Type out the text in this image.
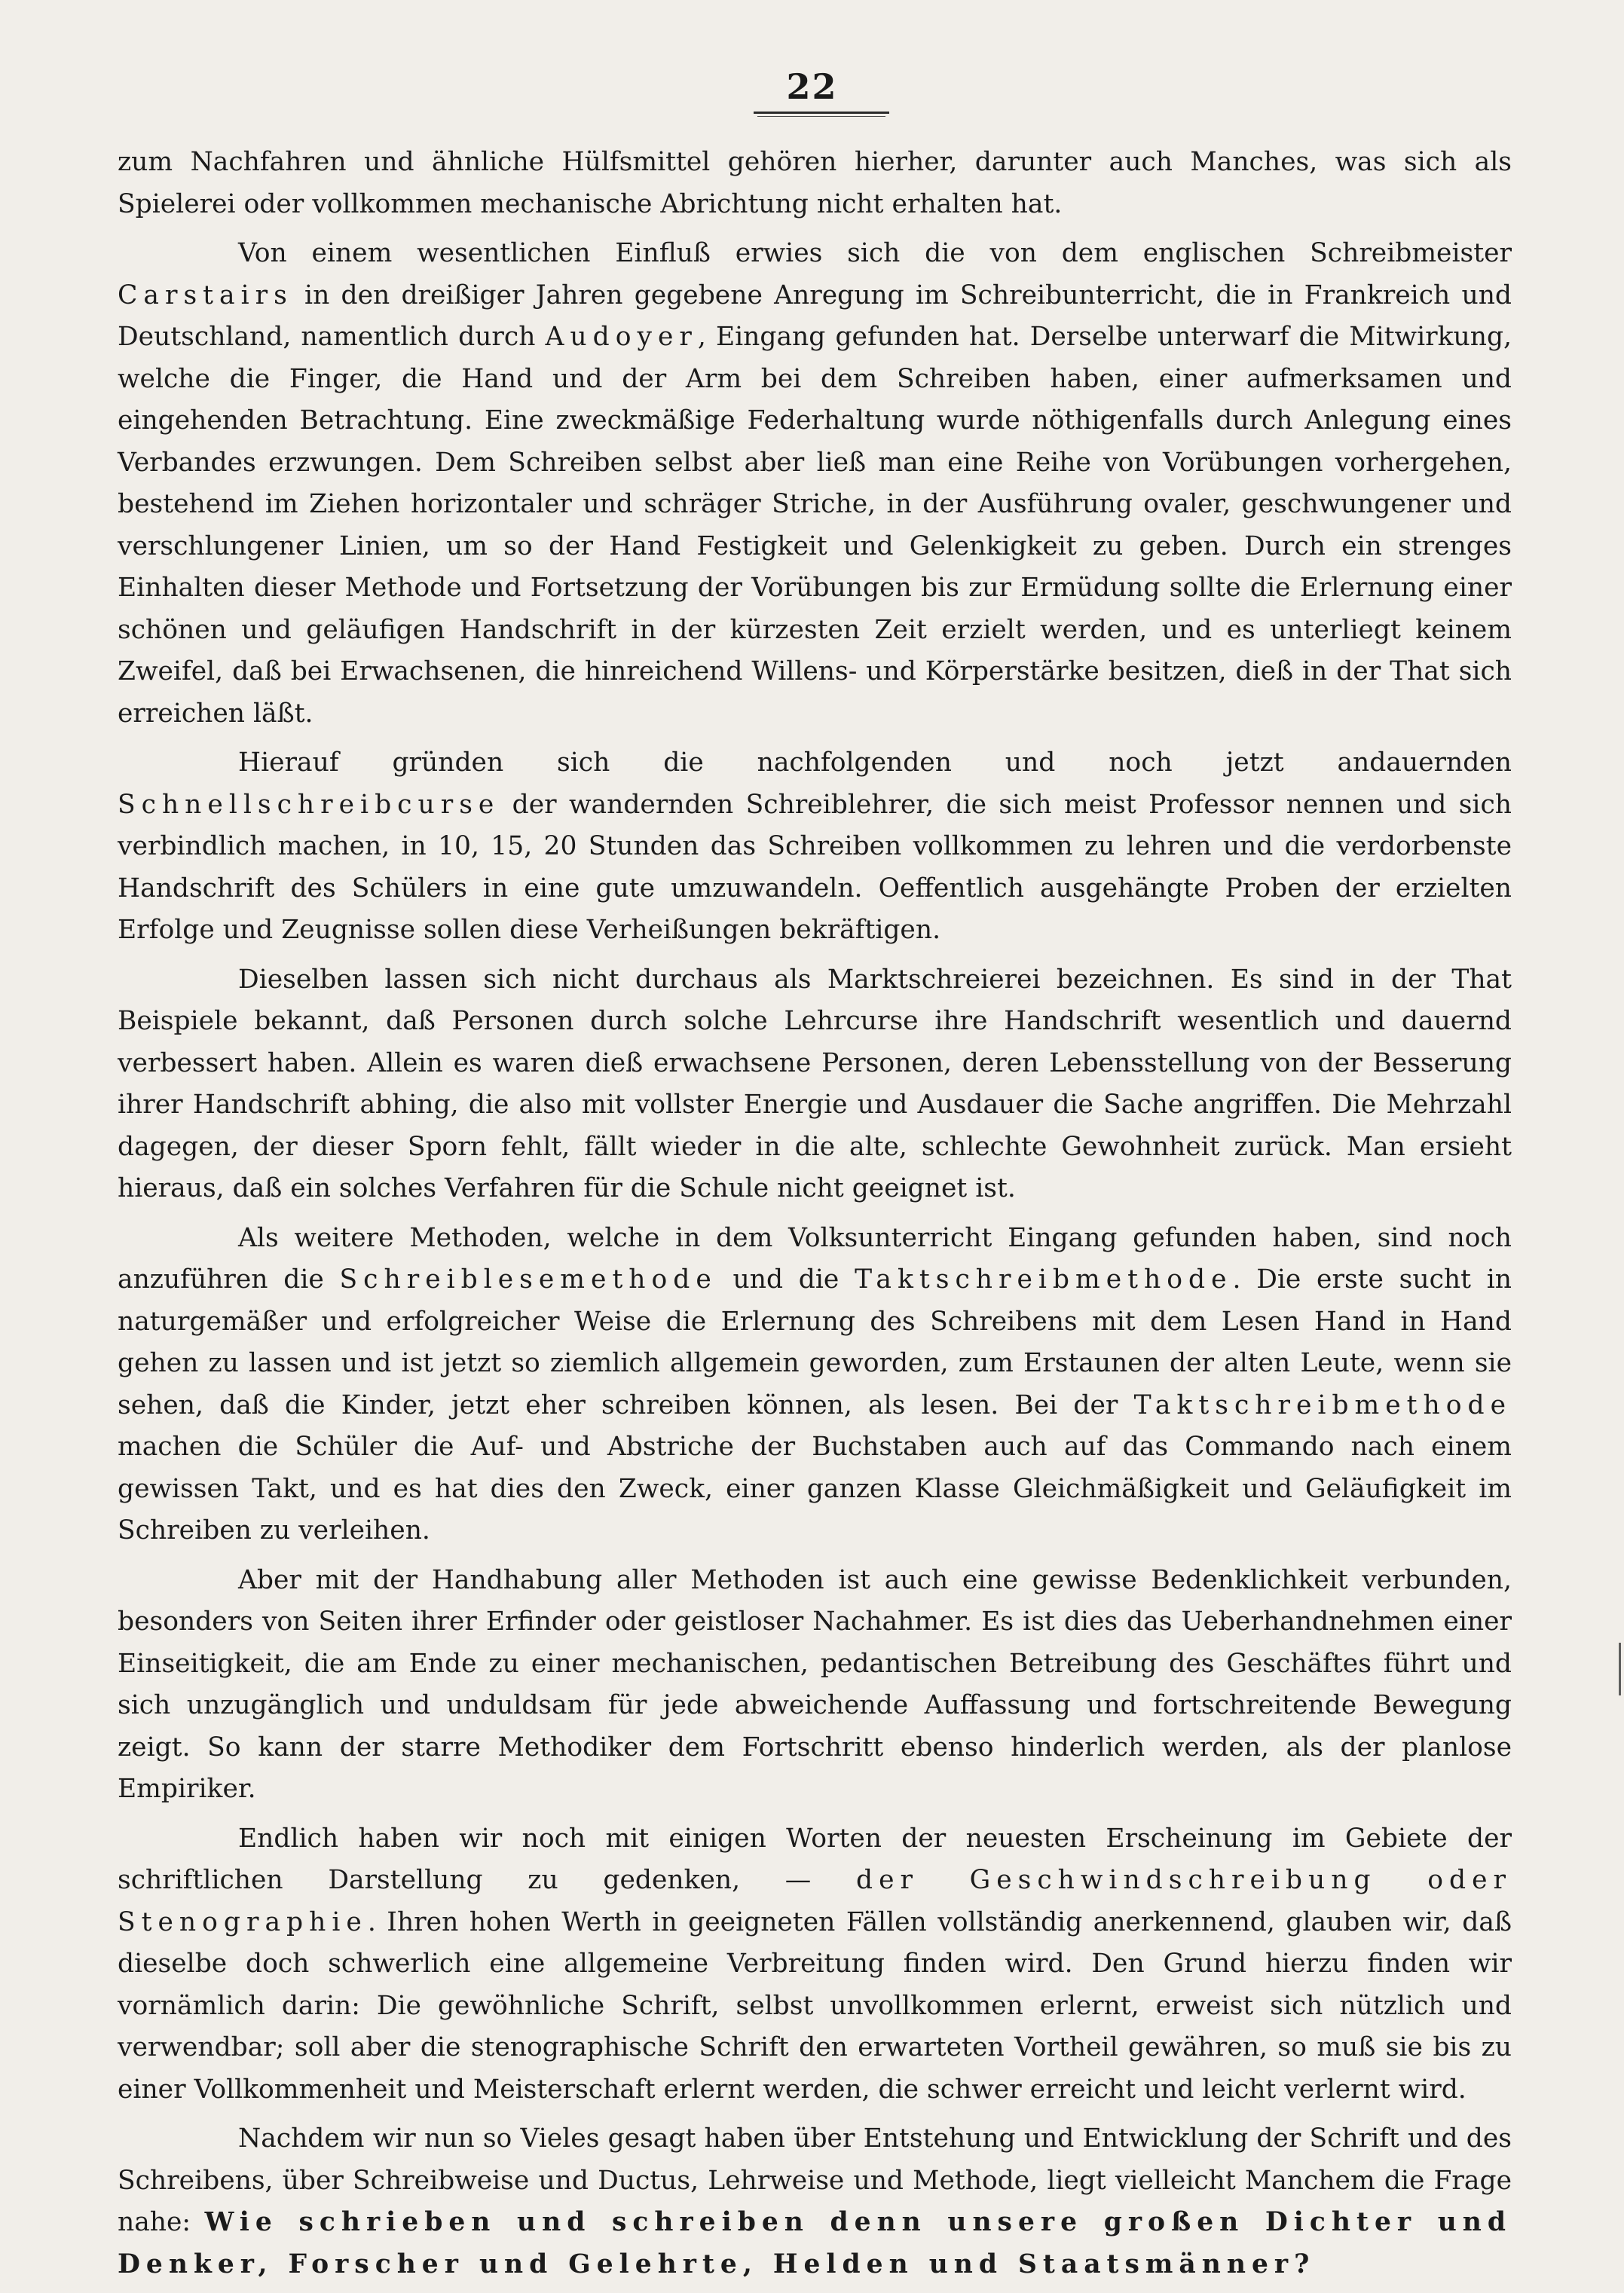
22

zum Nachfahren und ähnliche Hülfsmittel gehören hierher, darunter auch Manches, was sich als Spielerei oder vollkommen mechanische Abrichtung nicht erhalten hat.

Von einem wesentlichen Einfluß erwies sich die von dem englischen Schreibmeister Carstairs in den dreißiger Jahren gegebene Anregung im Schreibunterricht, die in Frankreich und Deutschland, namentlich durch Audoyer, Eingang gefunden hat. Derselbe unterwarf die Mitwirkung, welche die Finger, die Hand und der Arm bei dem Schreiben haben, einer aufmerksamen und eingehenden Betrachtung. Eine zweckmäßige Federhaltung wurde nöthigenfalls durch Anlegung eines Verbandes erzwungen. Dem Schreiben selbst aber ließ man eine Reihe von Vorübungen vorhergehen, bestehend im Ziehen horizontaler und schräger Striche, in der Ausführung ovaler, geschwungener und verschlungener Linien, um so der Hand Festigkeit und Gelenkigkeit zu geben. Durch ein strenges Einhalten dieser Methode und Fortsetzung der Vorübungen bis zur Ermüdung sollte die Erlernung einer schönen und geläufigen Handschrift in der kürzesten Zeit erzielt werden, und es unterliegt keinem Zweifel, daß bei Erwachsenen, die hinreichend Willens- und Körperstärke besitzen, dieß in der That sich erreichen läßt.

Hierauf gründen sich die nachfolgenden und noch jetzt andauernden Schnellschreibcurse der wandernden Schreiblehrer, die sich meist Professor nennen und sich verbindlich machen, in 10, 15, 20 Stunden das Schreiben vollkommen zu lehren und die verdorbenste Handschrift des Schülers in eine gute umzuwandeln. Oeffentlich ausgehängte Proben der erzielten Erfolge und Zeugnisse sollen diese Verheißungen bekräftigen.

Dieselben lassen sich nicht durchaus als Marktschreierei bezeichnen. Es sind in der That Beispiele bekannt, daß Personen durch solche Lehrcurse ihre Handschrift wesentlich und dauernd verbessert haben. Allein es waren dieß erwachsene Personen, deren Lebensstellung von der Besserung ihrer Handschrift abhing, die also mit vollster Energie und Ausdauer die Sache angriffen. Die Mehrzahl dagegen, der dieser Sporn fehlt, fällt wieder in die alte, schlechte Gewohnheit zurück. Man ersieht hieraus, daß ein solches Verfahren für die Schule nicht geeignet ist.

Als weitere Methoden, welche in dem Volksunterricht Eingang gefunden haben, sind noch anzuführen die Schreiblesemethode und die Taktschreibmethode. Die erste sucht in naturgemäßer und erfolgreicher Weise die Erlernung des Schreibens mit dem Lesen Hand in Hand gehen zu lassen und ist jetzt so ziemlich allgemein geworden, zum Erstaunen der alten Leute, wenn sie sehen, daß die Kinder, jetzt eher schreiben können, als lesen. Bei der Taktschreibmethode machen die Schüler die Auf- und Abstriche der Buchstaben auch auf das Commando nach einem gewissen Takt, und es hat dies den Zweck, einer ganzen Klasse Gleichmäßigkeit und Geläufigkeit im Schreiben zu verleihen.

Aber mit der Handhabung aller Methoden ist auch eine gewisse Bedenklichkeit verbunden, besonders von Seiten ihrer Erfinder oder geistloser Nachahmer. Es ist dies das Ueberhandnehmen einer Einseitigkeit, die am Ende zu einer mechanischen, pedantischen Betreibung des Geschäftes führt und sich unzugänglich und unduldsam für jede abweichende Auffassung und fortschreitende Bewegung zeigt. So kann der starre Methodiker dem Fortschritt ebenso hinderlich werden, als der planlose Empiriker.

Endlich haben wir noch mit einigen Worten der neuesten Erscheinung im Gebiete der schriftlichen Darstellung zu gedenken, — der Geschwindschreibung oder Stenographie. Ihren hohen Werth in geeigneten Fällen vollständig anerkennend, glauben wir, daß dieselbe doch schwerlich eine allgemeine Verbreitung finden wird. Den Grund hierzu finden wir vornämlich darin: Die gewöhnliche Schrift, selbst unvollkommen erlernt, erweist sich nützlich und verwendbar; soll aber die stenographische Schrift den erwarteten Vortheil gewähren, so muß sie bis zu einer Vollkommenheit und Meisterschaft erlernt werden, die schwer erreicht und leicht verlernt wird.

Nachdem wir nun so Vieles gesagt haben über Entstehung und Entwicklung der Schrift und des Schreibens, über Schreibweise und Ductus, Lehrweise und Methode, liegt vielleicht Manchem die Frage nahe: Wie schrieben und schreiben denn unsere großen Dichter und Denker, Forscher und Gelehrte, Helden und Staatsmänner?
